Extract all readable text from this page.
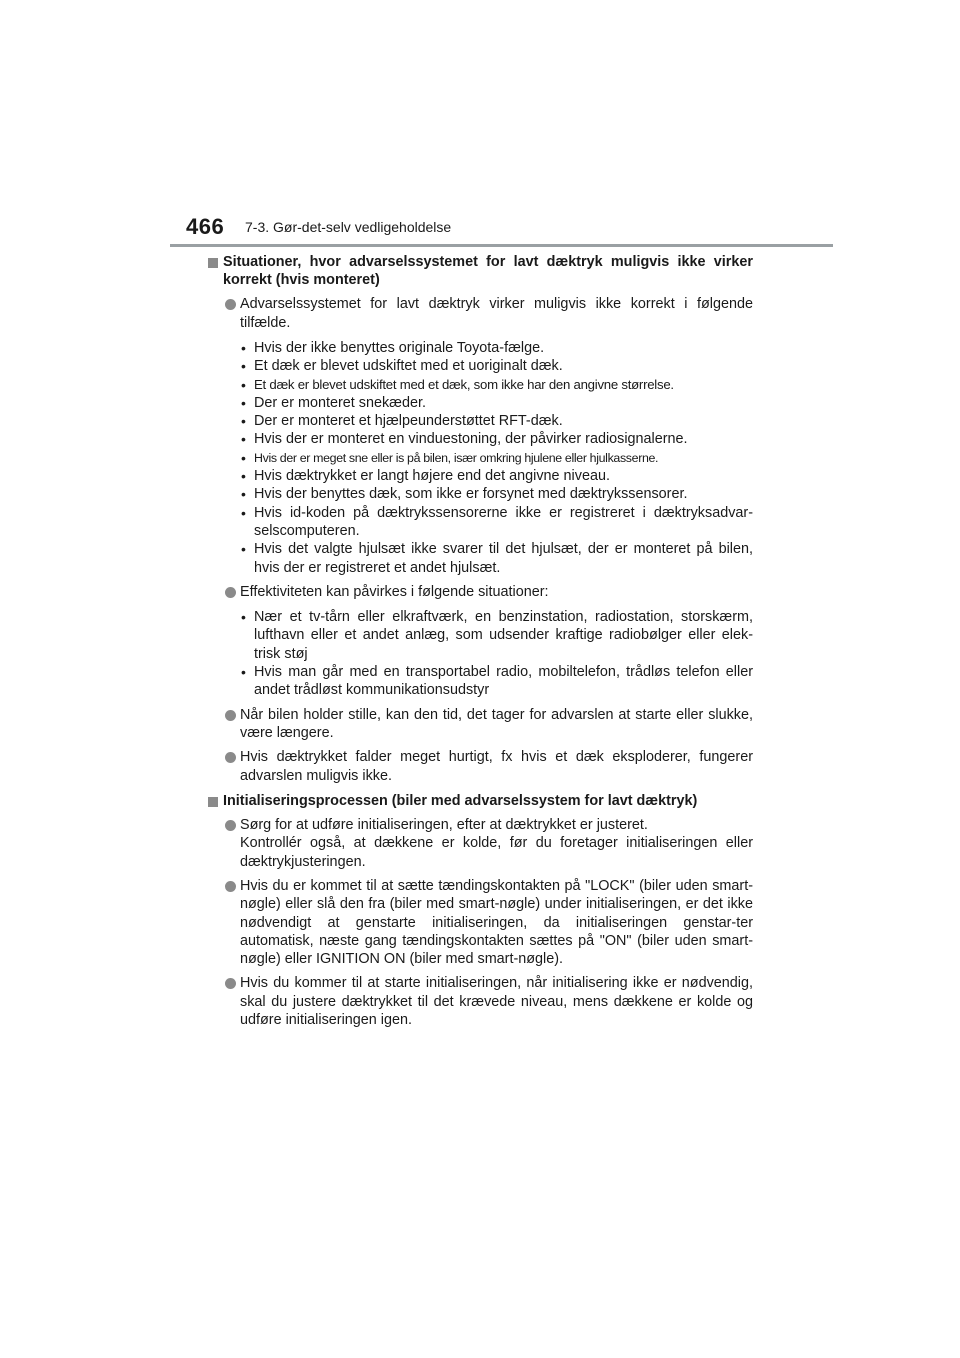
466 7-3. Gør-det-selv vedligeholdelse
Situationer, hvor advarselssystemet for lavt dæktryk muligvis ikke virker korrekt (hvis monteret)
Advarselssystemet for lavt dæktryk virker muligvis ikke korrekt i følgende tilfælde.
• Hvis der ikke benyttes originale Toyota-fælge.
• Et dæk er blevet udskiftet med et uoriginalt dæk.
• Et dæk er blevet udskiftet med et dæk, som ikke har den angivne størrelse.
• Der er monteret snekæder.
• Der er monteret et hjælpeunderstøttet RFT-dæk.
• Hvis der er monteret en vinduestoning, der påvirker radiosignalerne.
• Hvis der er meget sne eller is på bilen, især omkring hjulene eller hjulkasserne.
• Hvis dæktrykket er langt højere end det angivne niveau.
• Hvis der benyttes dæk, som ikke er forsynet med dæktrykssensorer.
• Hvis id-koden på dæktrykssensorerne ikke er registreret i dæktryksadvar-selscomputeren.
• Hvis det valgte hjulsæt ikke svarer til det hjulsæt, der er monteret på bilen, hvis der er registreret et andet hjulsæt.
Effektiviteten kan påvirkes i følgende situationer:
• Nær et tv-tårn eller elkraftværk, en benzinstation, radiostation, storskærm, lufthavn eller et andet anlæg, som udsender kraftige radiobølger eller elek-trisk støj
• Hvis man går med en transportabel radio, mobiltelefon, trådløs telefon eller andet trådløst kommunikationsudstyr
Når bilen holder stille, kan den tid, det tager for advarslen at starte eller slukke, være længere.
Hvis dæktrykket falder meget hurtigt, fx hvis et dæk eksploderer, fungerer advarslen muligvis ikke.
Initialiseringsprocessen (biler med advarselssystem for lavt dæktryk)
Sørg for at udføre initialiseringen, efter at dæktrykket er justeret.
Kontrollér også, at dækkene er kolde, før du foretager initialiseringen eller dæktrykjusteringen.
Hvis du er kommet til at sætte tændingskontakten på "LOCK" (biler uden smart-nøgle) eller slå den fra (biler med smart-nøgle) under initialiseringen, er det ikke nødvendigt at genstarte initialiseringen, da initialiseringen genstar-ter automatisk, næste gang tændingskontakten sættes på "ON" (biler uden smart-nøgle) eller IGNITION ON (biler med smart-nøgle).
Hvis du kommer til at starte initialiseringen, når initialisering ikke er nødvendig, skal du justere dæktrykket til det krævede niveau, mens dækkene er kolde og udføre initialiseringen igen.
